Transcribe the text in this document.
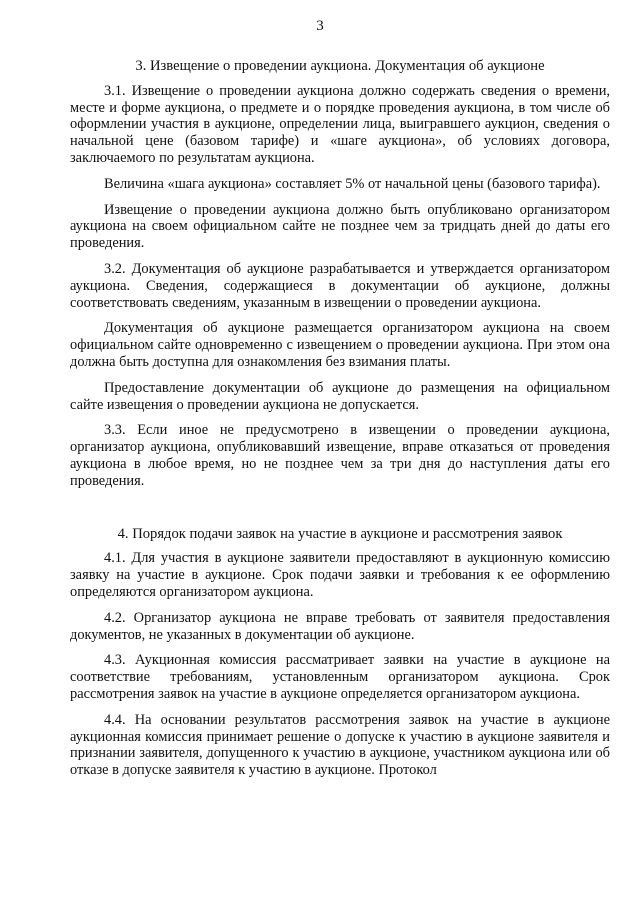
3
3. Извещение о проведении аукциона. Документация об аукционе

3.1. Извещение о проведении аукциона должно содержать сведения о времени, месте и форме аукциона, о предмете и о порядке проведения аукциона, в том числе об оформлении участия в аукционе, определении лица, выигравшего аукцион, сведения о начальной цене (базовом тарифе) и «шаге аукциона», об условиях договора, заключаемого по результатам аукциона.

Величина «шага аукциона» составляет 5% от начальной цены (базового тарифа).

Извещение о проведении аукциона должно быть опубликовано организатором аукциона на своем официальном сайте не позднее чем за тридцать дней до даты его проведения.

3.2. Документация об аукционе разрабатывается и утверждается организатором аукциона. Сведения, содержащиеся в документации об аукционе, должны соответствовать сведениям, указанным в извещении о проведении аукциона.

Документация об аукционе размещается организатором аукциона на своем официальном сайте одновременно с извещением о проведении аукциона. При этом она должна быть доступна для ознакомления без взимания платы.

Предоставление документации об аукционе до размещения на официальном сайте извещения о проведении аукциона не допускается.

3.3. Если иное не предусмотрено в извещении о проведении аукциона, организатор аукциона, опубликовавший извещение, вправе отказаться от проведения аукциона в любое время, но не позднее чем за три дня до наступления даты его проведения.

4. Порядок подачи заявок на участие в аукционе и рассмотрения заявок

4.1. Для участия в аукционе заявители предоставляют в аукционную комиссию заявку на участие в аукционе. Срок подачи заявки и требования к ее оформлению определяются организатором аукциона.

4.2. Организатор аукциона не вправе требовать от заявителя предоставления документов, не указанных в документации об аукционе.

4.3. Аукционная комиссия рассматривает заявки на участие в аукционе на соответствие требованиям, установленным организатором аукциона. Срок рассмотрения заявок на участие в аукционе определяется организатором аукциона.

4.4. На основании результатов рассмотрения заявок на участие в аукционе аукционная комиссия принимает решение о допуске к участию в аукционе заявителя и признании заявителя, допущенного к участию в аукционе, участником аукциона или об отказе в допуске заявителя к участию в аукционе. Протокол
